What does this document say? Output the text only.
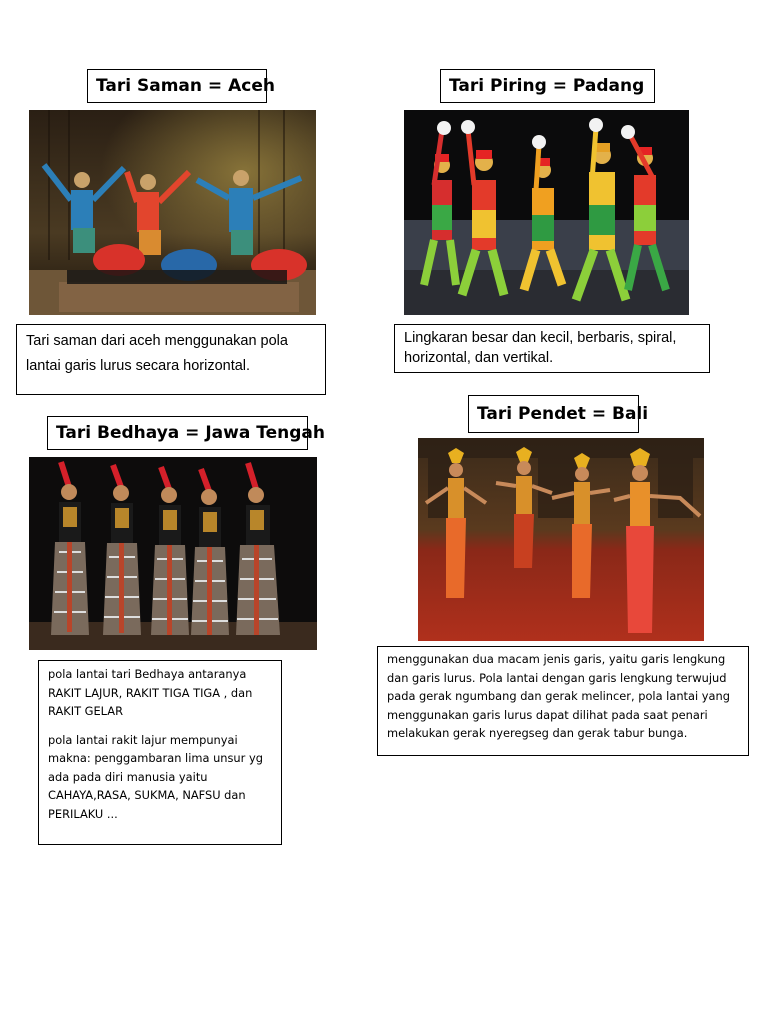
Tari Saman = Aceh
Tari saman dari aceh menggunakan pola lantai garis lurus secara horizontal.
Tari Piring = Padang
Lingkaran besar dan kecil, berbaris, spiral, horizontal, dan vertikal.
Tari Bedhaya = Jawa Tengah

pola lantai tari Bedhaya antaranya RAKIT LAJUR, RAKIT TIGA TIGA , dan RAKIT GELAR

pola lantai rakit lajur mempunyai makna: penggambaran lima unsur yg ada pada diri manusia yaitu CAHAYA,RASA, SUKMA, NAFSU dan PERILAKU ...

Tari Pendet = Bali
menggunakan dua macam jenis garis, yaitu garis lengkung dan garis lurus. Pola lantai dengan garis lengkung terwujud pada gerak ngumbang dan gerak melincer, pola lantai yang menggunakan garis lurus dapat dilihat pada saat penari melakukan gerak nyeregseg dan gerak tabur bunga.
